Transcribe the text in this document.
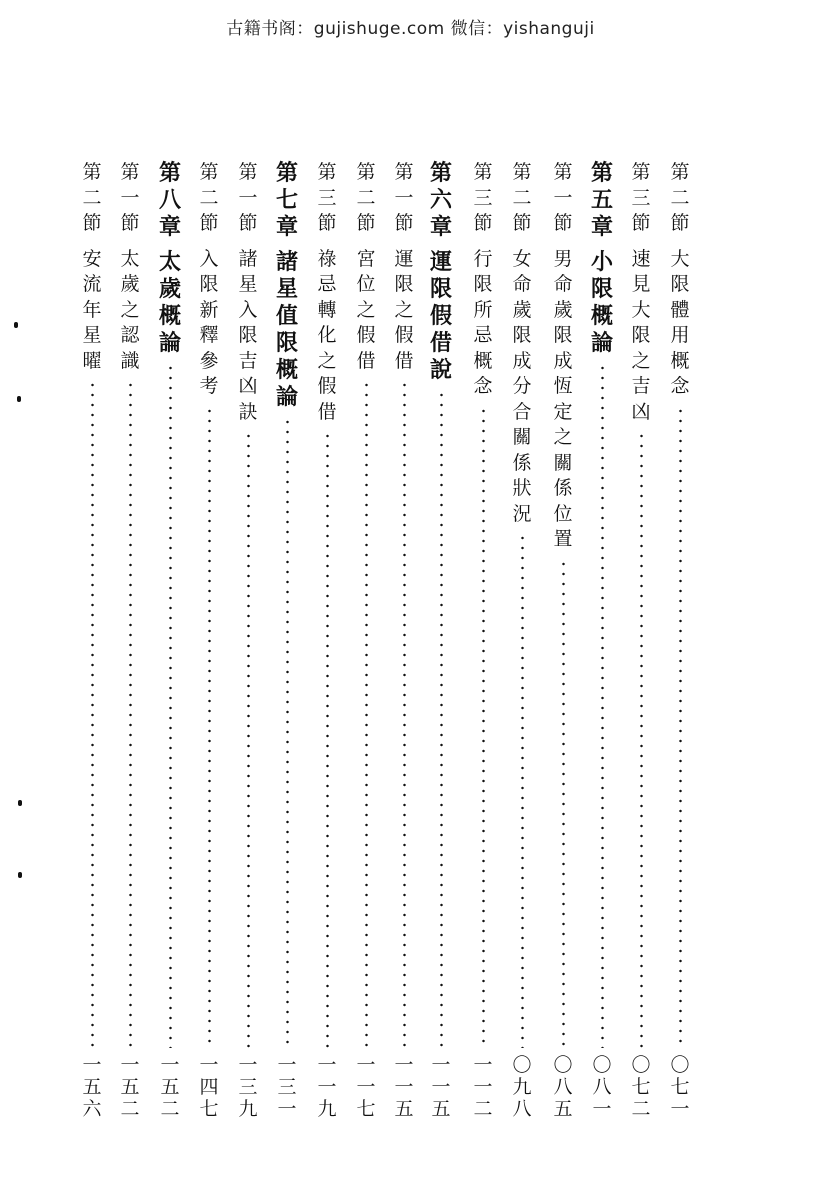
古籍书阁：gujishuge.com 微信：yishanguji
第
二
節
大
限
體
用
概
念
〇
七
一
第
三
節
速
見
大
限
之
吉
凶
〇
七
二
第
五
章
小
限
概
論
〇
八
一
第
一
節
男
命
歲
限
成
恆
定
之
關
係
位
置
〇
八
五
第
二
節
女
命
歲
限
成
分
合
關
係
狀
況
〇
九
八
第
三
節
行
限
所
忌
概
念
一
一
二
第
六
章
運
限
假
借
說
一
一
五
第
一
節
運
限
之
假
借
一
一
五
第
二
節
宮
位
之
假
借
一
一
七
第
三
節
祿
忌
轉
化
之
假
借
一
一
九
第
七
章
諸
星
值
限
概
論
一
三
一
第
一
節
諸
星
入
限
吉
凶
訣
一
三
九
第
二
節
入
限
新
釋
參
考
一
四
七
第
八
章
太
歲
概
論
一
五
二
第
一
節
太
歲
之
認
識
一
五
二
第
二
節
安
流
年
星
曜
一
五
六
